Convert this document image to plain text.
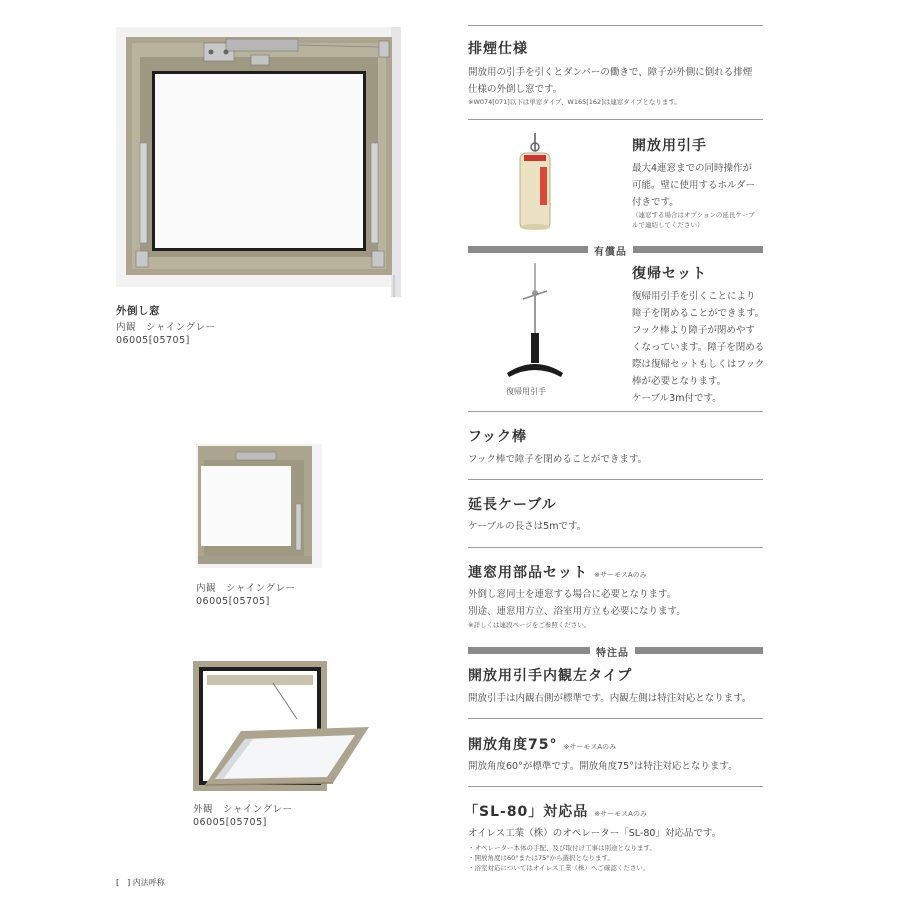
外倒し窓
内観　シャイングレー
06005[05705]
内観　シャイングレー
06005[05705]
外観　シャイングレー
06005[05705]
[　] 内法呼称
排煙仕様
開放用の引手を引くとダンパーの働きで、障子が外側に倒れる排煙
仕様の外倒し窓です。
※W074[071]以下は単窓タイプ、W165[162]は連窓タイプとなります。
開放用引手
最大4連窓までの同時操作が
可能。壁に使用するホルダー
付きです。
（連窓する場合はオプションの延長ケーブ
ルで連結してください）
有償品
復帰用引手
復帰セット
復帰用引手を引くことにより
障子を閉めることができます。
フック棒より障子が閉めやす
くなっています。障子を閉める
際は復帰セットもしくはフック
棒が必要となります。
ケーブル3m付です。
フック棒
フック棒で障子を閉めることができます。
延長ケーブル
ケーブルの長さは5mです。
連窓用部品セット ※サーモスAのみ
外倒し窓同士を連窓する場合に必要となります。
別途、連窓用方立、浴室用方立も必要になります。
※詳しくは連段ページをご参照ください。
特注品
開放用引手内観左タイプ
開放引手は内観右側が標準です。内観左側は特注対応となります。
開放角度75° ※サーモスAのみ
開放角度60°が標準です。開放角度75°は特注対応となります。
「SL-80」対応品 ※サーモスAのみ
オイレス工業（株）のオペレーター「SL-80」対応品です。
・オペレーター本体の手配、及び取付け工事は別途となります。
・開放角度は60°または75°から選択となります。
・浴室対応についてはオイレス工業（株）へご確認ください。
